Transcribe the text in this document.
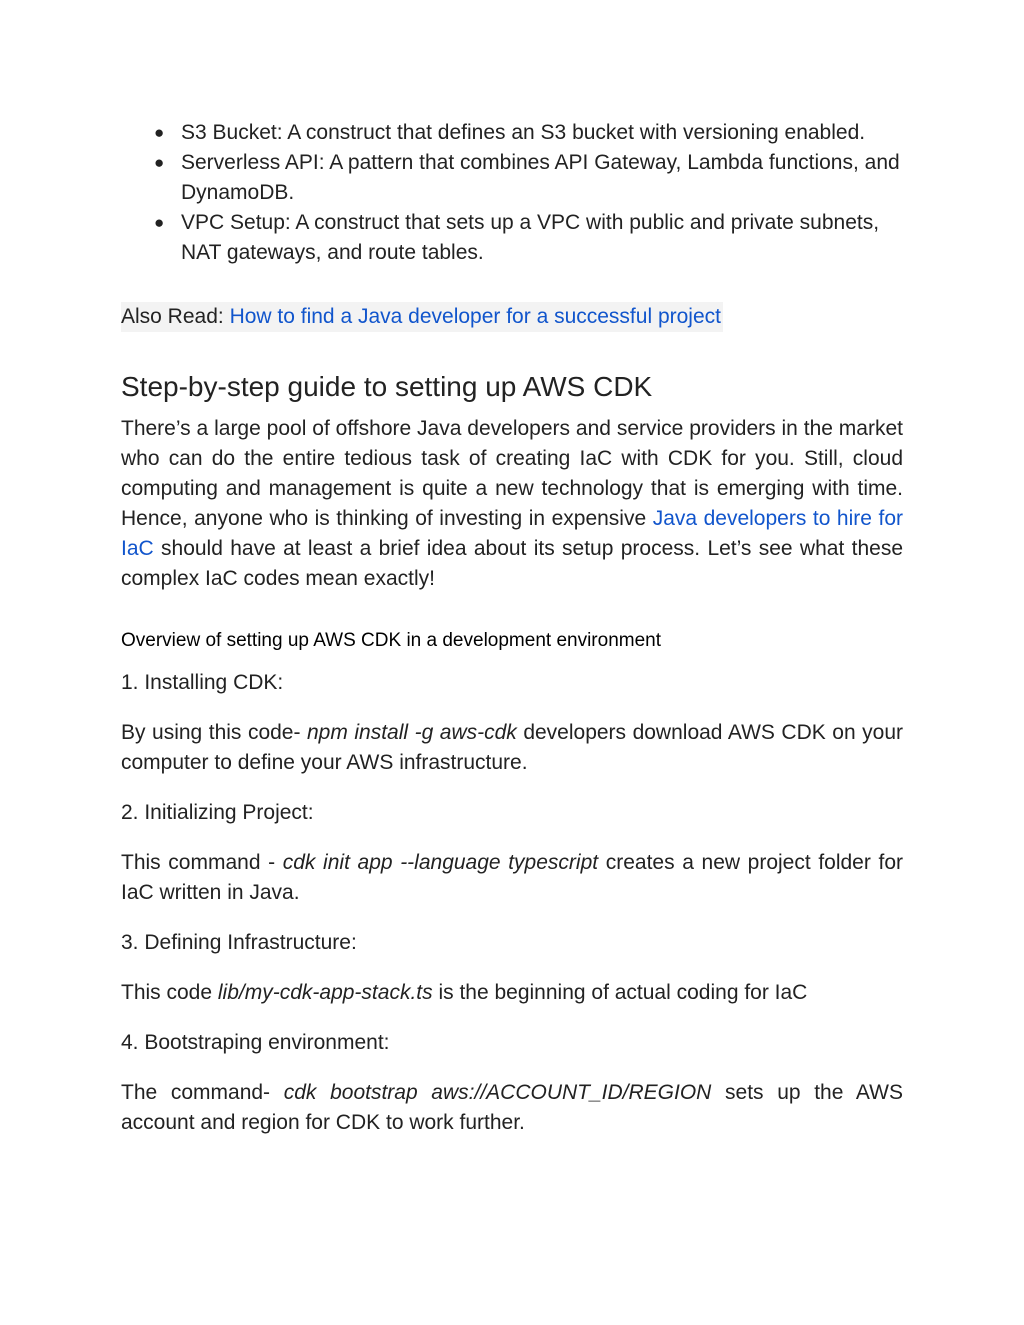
● S3 Bucket: A construct that defines an S3 bucket with versioning enabled.
● Serverless API: A pattern that combines API Gateway, Lambda functions, and DynamoDB.
● VPC Setup: A construct that sets up a VPC with public and private subnets, NAT gateways, and route tables.
Also Read: How to find a Java developer for a successful project
Step-by-step guide to setting up AWS CDK

There’s a large pool of offshore Java developers and service providers in the market who can do the entire tedious task of creating IaC with CDK for you. Still, cloud computing and management is quite a new technology that is emerging with time. Hence, anyone who is thinking of investing in expensive Java developers to hire for IaC should have at least a brief idea about its setup process. Let’s see what these complex IaC codes mean exactly!

Overview of setting up AWS CDK in a development environment

1. Installing CDK:

By using this code- npm install -g aws-cdk developers download AWS CDK on your computer to define your AWS infrastructure.

2. Initializing Project:

This command - cdk init app --language typescript creates a new project folder for IaC written in Java.

3. Defining Infrastructure:

This code lib/my-cdk-app-stack.ts is the beginning of actual coding for IaC

4. Bootstraping environment:

The command- cdk bootstrap aws://ACCOUNT_ID/REGION sets up the AWS account and region for CDK to work further.
